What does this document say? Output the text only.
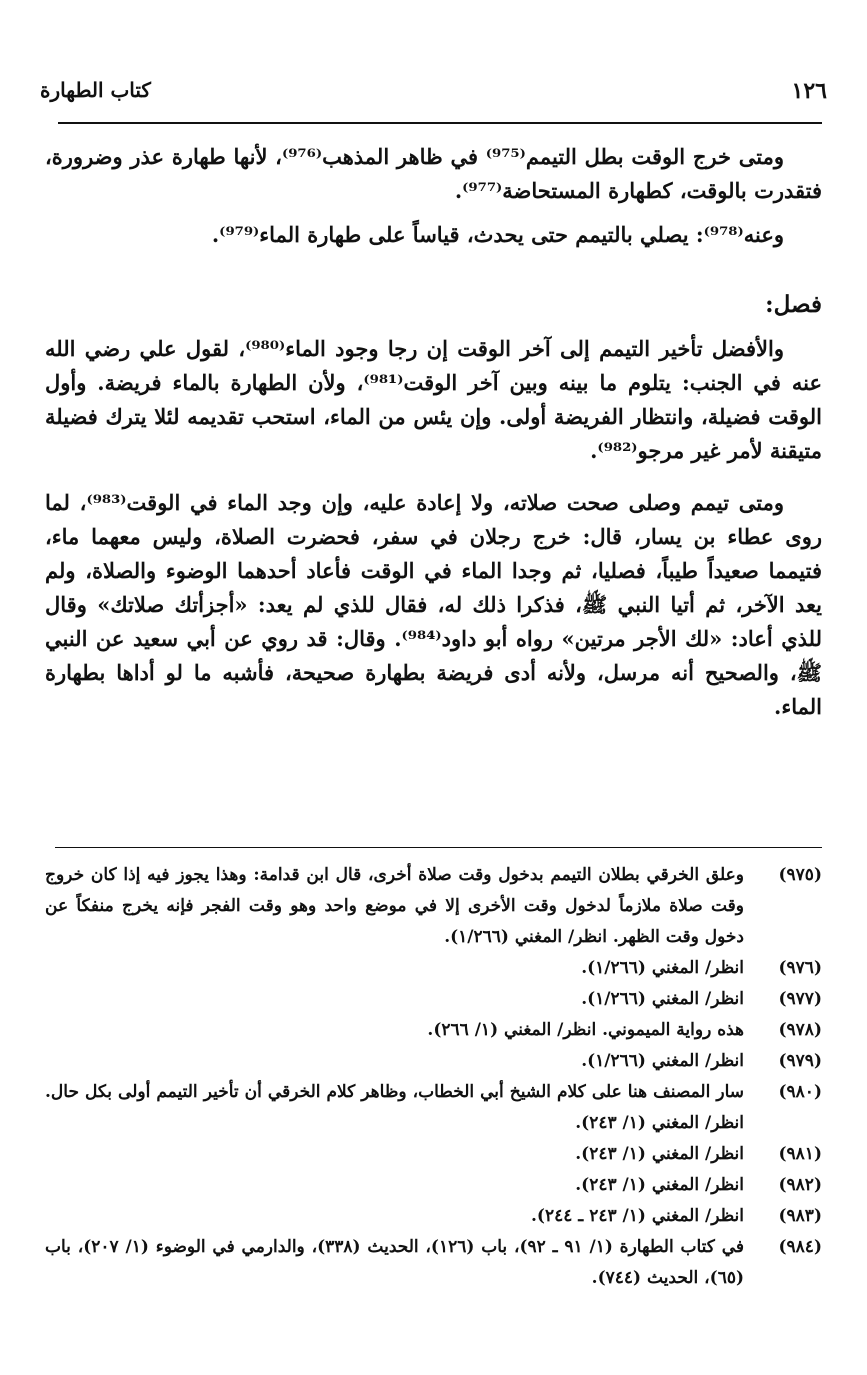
كتاب الطهارة	١٢٦

ومتى خرج الوقت بطل التيمم⁽⁹⁷⁵⁾ في ظاهر المذهب⁽⁹⁷⁶⁾، لأنها طهارة عذر وضرورة، فتقدرت بالوقت، كطهارة المستحاضة⁽⁹⁷⁷⁾.

وعنه⁽⁹⁷⁸⁾: يصلي بالتيمم حتى يحدث، قياساً على طهارة الماء⁽⁹⁷⁹⁾.

فصل:

والأفضل تأخير التيمم إلى آخر الوقت إن رجا وجود الماء⁽⁹⁸⁰⁾، لقول علي رضي الله عنه في الجنب: يتلوم ما بينه وبين آخر الوقت⁽⁹⁸¹⁾، ولأن الطهارة بالماء فريضة. وأول الوقت فضيلة، وانتظار الفريضة أولى. وإن يئس من الماء، استحب تقديمه لئلا يترك فضيلة متيقنة لأمر غير مرجو⁽⁹⁸²⁾.

ومتى تيمم وصلى صحت صلاته، ولا إعادة عليه، وإن وجد الماء في الوقت⁽⁹⁸³⁾، لما روى عطاء بن يسار، قال: خرج رجلان في سفر، فحضرت الصلاة، وليس معهما ماء، فتيمما صعيداً طيباً، فصليا، ثم وجدا الماء في الوقت فأعاد أحدهما الوضوء والصلاة، ولم يعد الآخر، ثم أتيا النبي ﷺ، فذكرا ذلك له، فقال للذي لم يعد: «أجزأتك صلاتك» وقال للذي أعاد: «لك الأجر مرتين» رواه أبو داود⁽⁹⁸⁴⁾. وقال: قد روي عن أبي سعيد عن النبي ﷺ، والصحيح أنه مرسل، ولأنه أدى فريضة بطهارة صحيحة، فأشبه ما لو أداها بطهارة الماء.

(٩٧٥)
وعلق الخرقي بطلان التيمم بدخول وقت صلاة أخرى، قال ابن قدامة: وهذا يجوز فيه إذا كان خروج وقت صلاة ملازماً لدخول وقت الأخرى إلا في موضع واحد وهو وقت الفجر فإنه يخرج منفكاً عن دخول وقت الظهر. انظر/ المغني (١/٢٦٦).
(٩٧٦)
انظر/ المغني (١/٢٦٦).
(٩٧٧)
انظر/ المغني (١/٢٦٦).
(٩٧٨)
هذه رواية الميموني. انظر/ المغني (١/ ٢٦٦).
(٩٧٩)
انظر/ المغني (١/٢٦٦).
(٩٨٠)
سار المصنف هنا على كلام الشيخ أبي الخطاب، وظاهر كلام الخرقي أن تأخير التيمم أولى بكل حال. انظر/ المغني (١/ ٢٤٣).
(٩٨١)
انظر/ المغني (١/ ٢٤٣).
(٩٨٢)
انظر/ المغني (١/ ٢٤٣).
(٩٨٣)
انظر/ المغني (١/ ٢٤٣ ـ ٢٤٤).
(٩٨٤)
في كتاب الطهارة (١/ ٩١ ـ ٩٢)، باب (١٢٦)، الحديث (٣٣٨)، والدارمي في الوضوء (١/ ٢٠٧)، باب (٦٥)، الحديث (٧٤٤).
